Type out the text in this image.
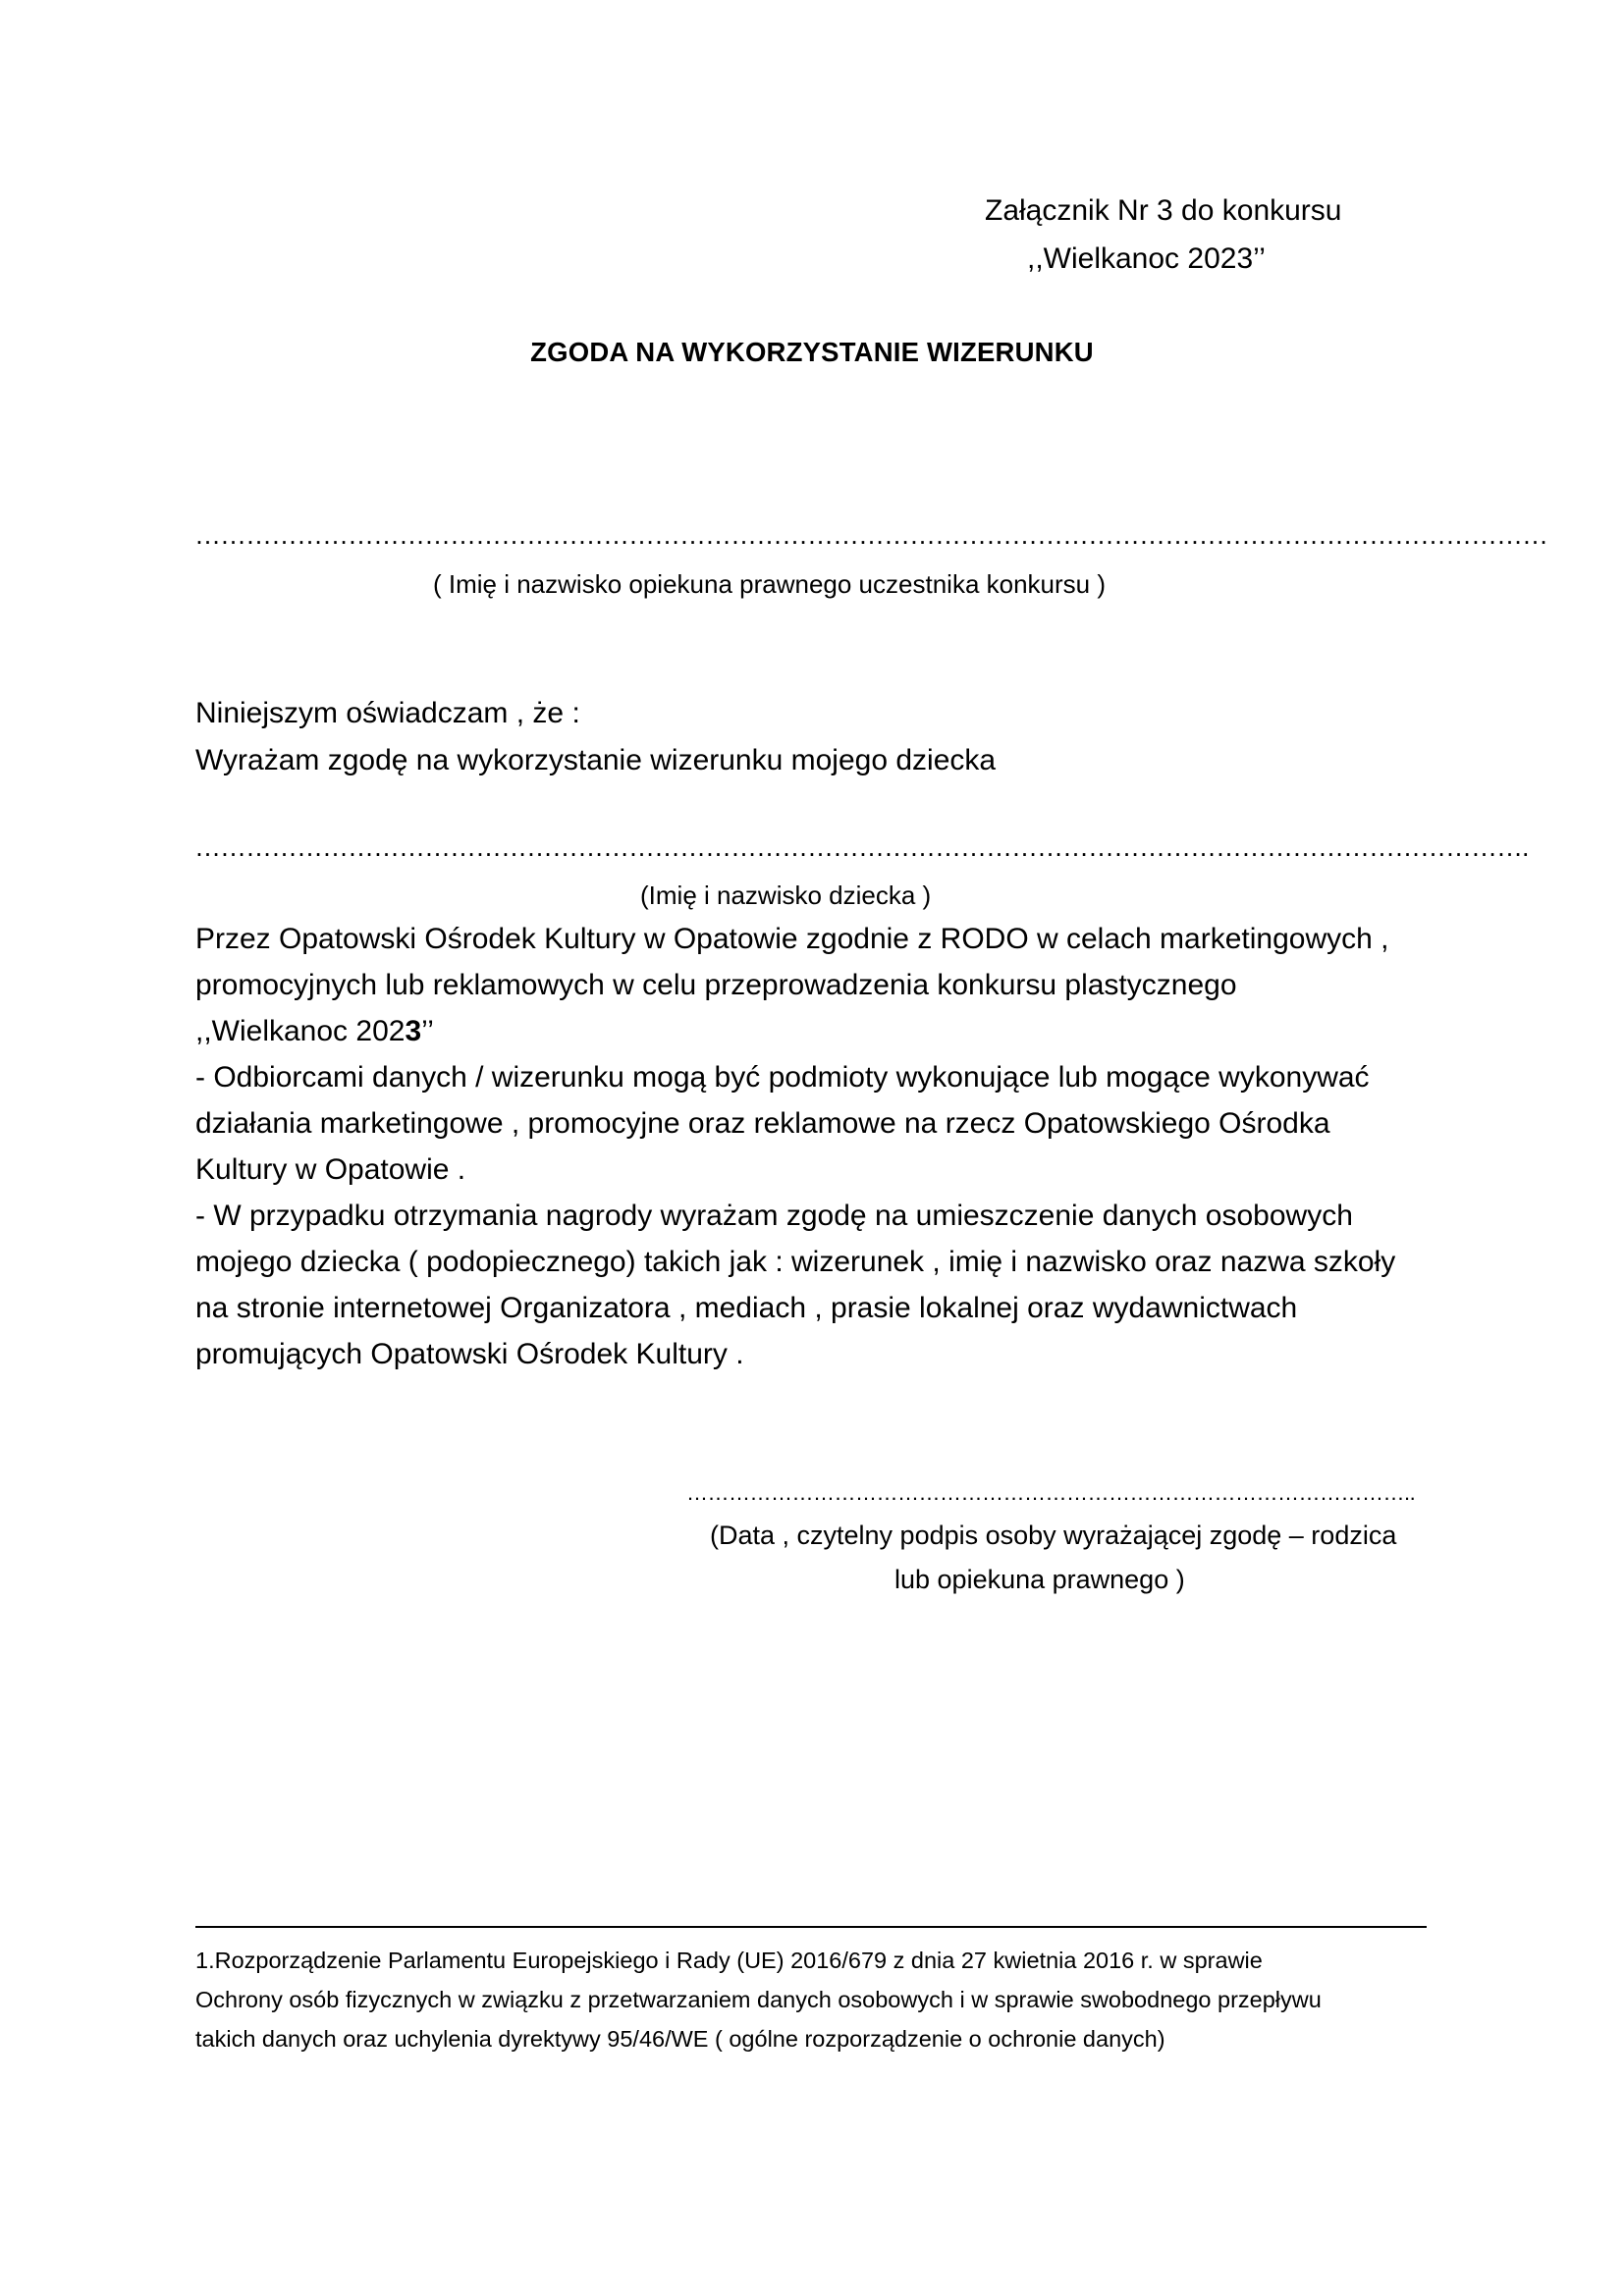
Załącznik Nr 3 do konkursu
,,Wielkanoc 2023’’
ZGODA NA WYKORZYSTANIE WIZERUNKU
……………………………………………………………………………………………………………………………………………
( Imię i nazwisko opiekuna prawnego uczestnika konkursu )
Niniejszym oświadczam , że :
Wyrażam zgodę na wykorzystanie wizerunku mojego dziecka
………………………………………………………………………………………………………………………………………….
(Imię i nazwisko dziecka )
Przez Opatowski Ośrodek Kultury w Opatowie zgodnie z RODO w celach marketingowych ,
promocyjnych lub reklamowych w celu przeprowadzenia konkursu plastycznego
,,Wielkanoc 2023’’
- Odbiorcami danych / wizerunku mogą być podmioty wykonujące lub mogące wykonywać
działania marketingowe , promocyjne oraz reklamowe na rzecz Opatowskiego Ośrodka
Kultury w Opatowie .
- W przypadku otrzymania nagrody wyrażam zgodę na umieszczenie danych osobowych
mojego dziecka ( podopiecznego) takich jak : wizerunek , imię i nazwisko oraz nazwa szkoły
na stronie internetowej Organizatora , mediach , prasie lokalnej oraz wydawnictwach
promujących Opatowski Ośrodek Kultury .
…………………………………………………………………………………………..
(Data , czytelny podpis osoby wyrażającej zgodę – rodzica
lub opiekuna prawnego )
1.Rozporządzenie Parlamentu Europejskiego i Rady (UE) 2016/679 z dnia 27 kwietnia 2016 r. w sprawie
Ochrony osób fizycznych w związku z przetwarzaniem danych osobowych i w sprawie swobodnego przepływu
takich danych oraz uchylenia dyrektywy 95/46/WE ( ogólne rozporządzenie o ochronie danych)
